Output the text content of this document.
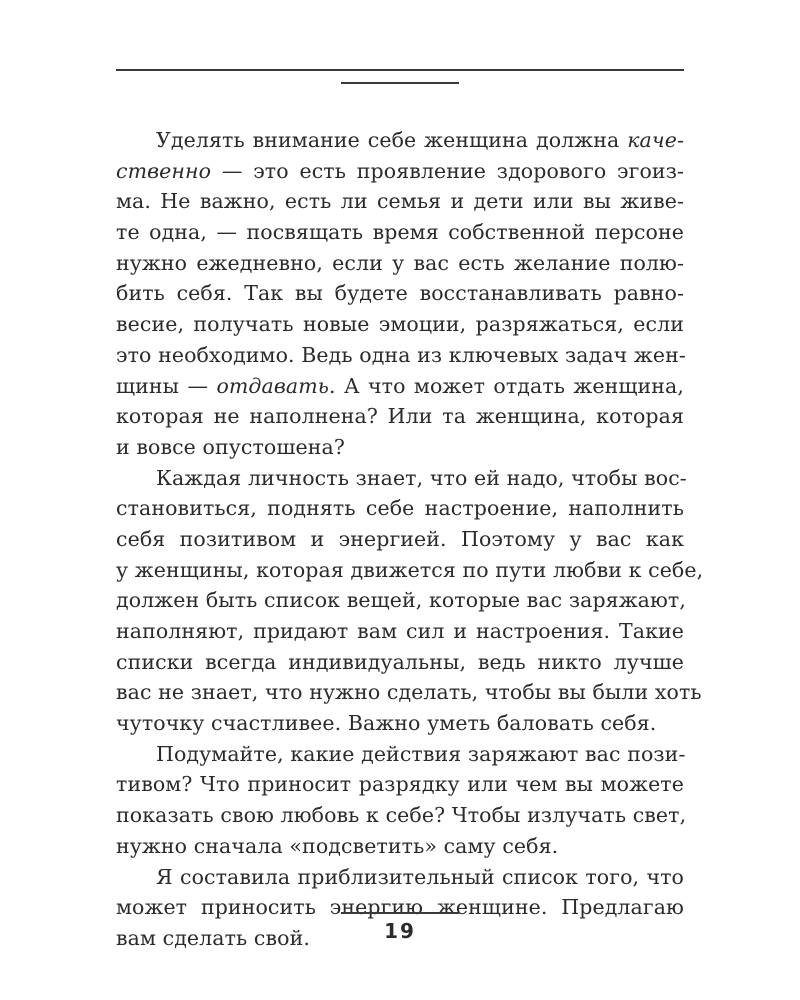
Уделять внимание себе женщина должна каче-
ственно — это есть проявление здорового эгоиз-
ма. Не важно, есть ли семья и дети или вы живе-
те одна, — посвящать время собственной персоне
нужно ежедневно, если у вас есть желание полю-
бить себя. Так вы будете восстанавливать равно-
весие, получать новые эмоции, разряжаться, если
это необходимо. Ведь одна из ключевых задач жен-
щины — отдавать. А что может отдать женщина,
которая не наполнена? Или та женщина, которая
и вовсе опустошена?
Каждая личность знает, что ей надо, чтобы вос-
становиться, поднять себе настроение, наполнить
себя позитивом и энергией. Поэтому у вас как
у женщины, которая движется по пути любви к себе,
должен быть список вещей, которые вас заряжают,
наполняют, придают вам сил и настроения. Такие
списки всегда индивидуальны, ведь никто лучше
вас не знает, что нужно сделать, чтобы вы были хоть
чуточку счастливее. Важно уметь баловать себя.
Подумайте, какие действия заряжают вас пози-
тивом? Что приносит разрядку или чем вы можете
показать свою любовь к себе? Чтобы излучать свет,
нужно сначала «подсветить» саму себя.
Я составила приблизительный список того, что
может приносить энергию женщине. Предлагаю
вам сделать свой.	19
